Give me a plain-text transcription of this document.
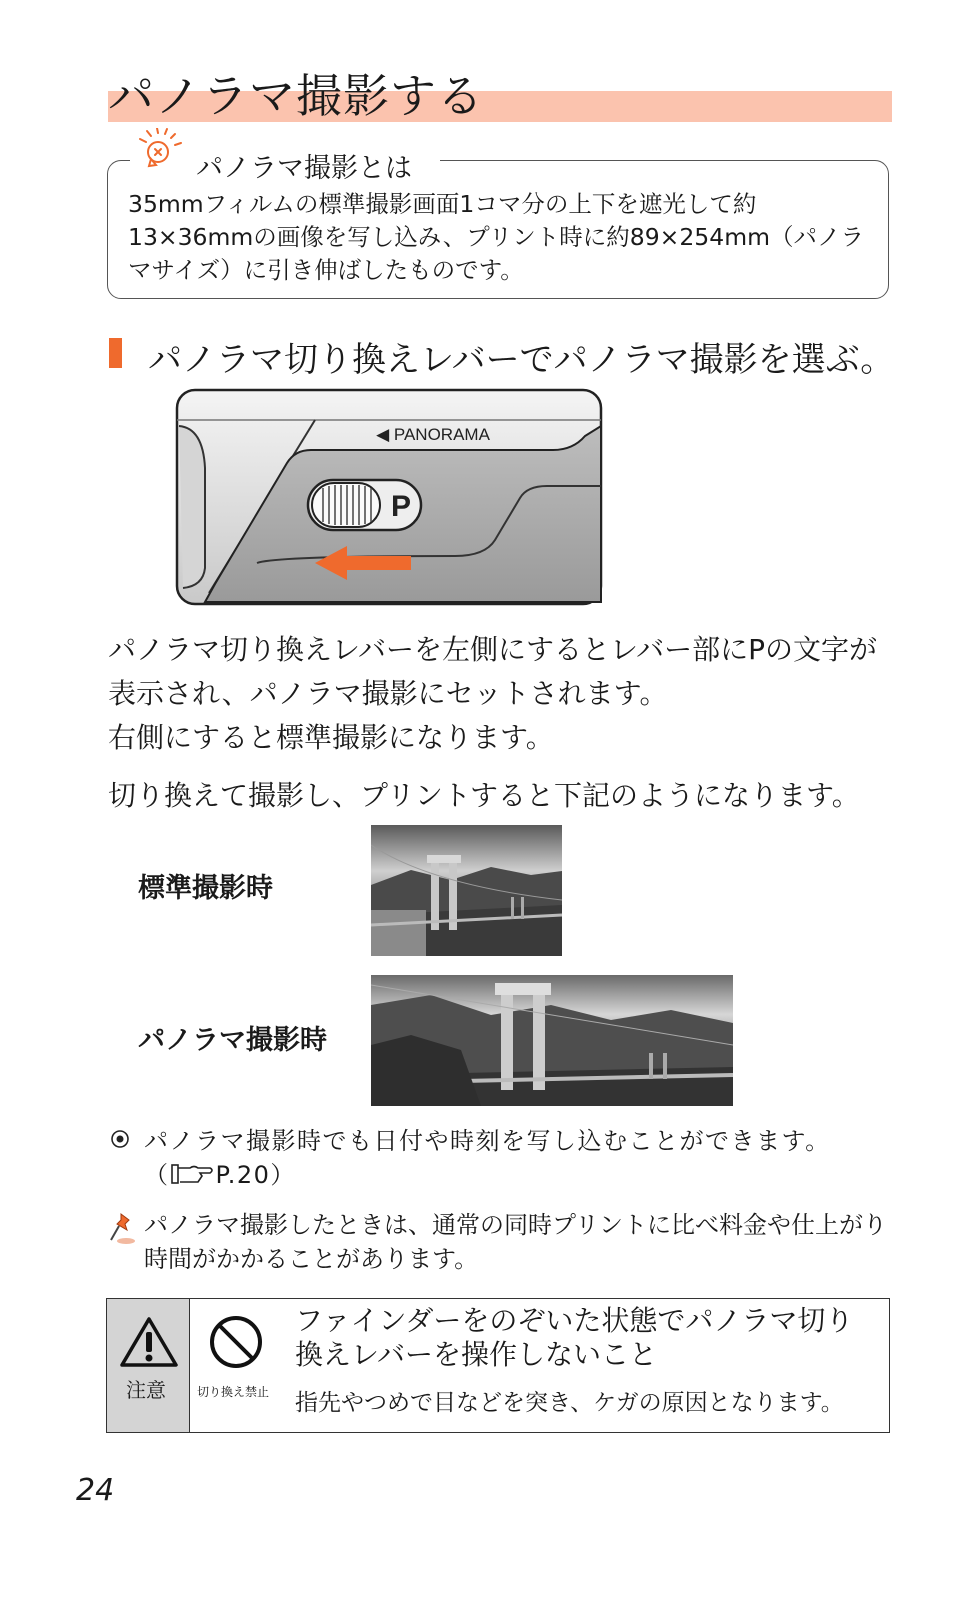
パノラマ撮影する
パノラマ撮影とは
35mmフィルムの標準撮影画面1コマ分の上下を遮光して約13×36mmの画像を写し込み、プリント時に約89×254mm（パノラマサイズ）に引き伸ばしたものです。
パノラマ切り換えレバーでパノラマ撮影を選ぶ。
P
◀ PANORAMA
パノラマ切り換えレバーを左側にするとレバー部にPの文字が表示され、パノラマ撮影にセットされます。
右側にすると標準撮影になります。
切り換えて撮影し、プリントすると下記のようになります。
標準撮影時
パノラマ撮影時
パノラマ撮影時でも日付や時刻を写し込むことができます。
（ P.20）
パノラマ撮影したときは、通常の同時プリントに比べ料金や仕上がり時間がかかることがあります。
注意	切り換え禁止
ファインダーをのぞいた状態でパノラマ切り換えレバーを操作しないこと
指先やつめで目などを突き、ケガの原因となります。
24
